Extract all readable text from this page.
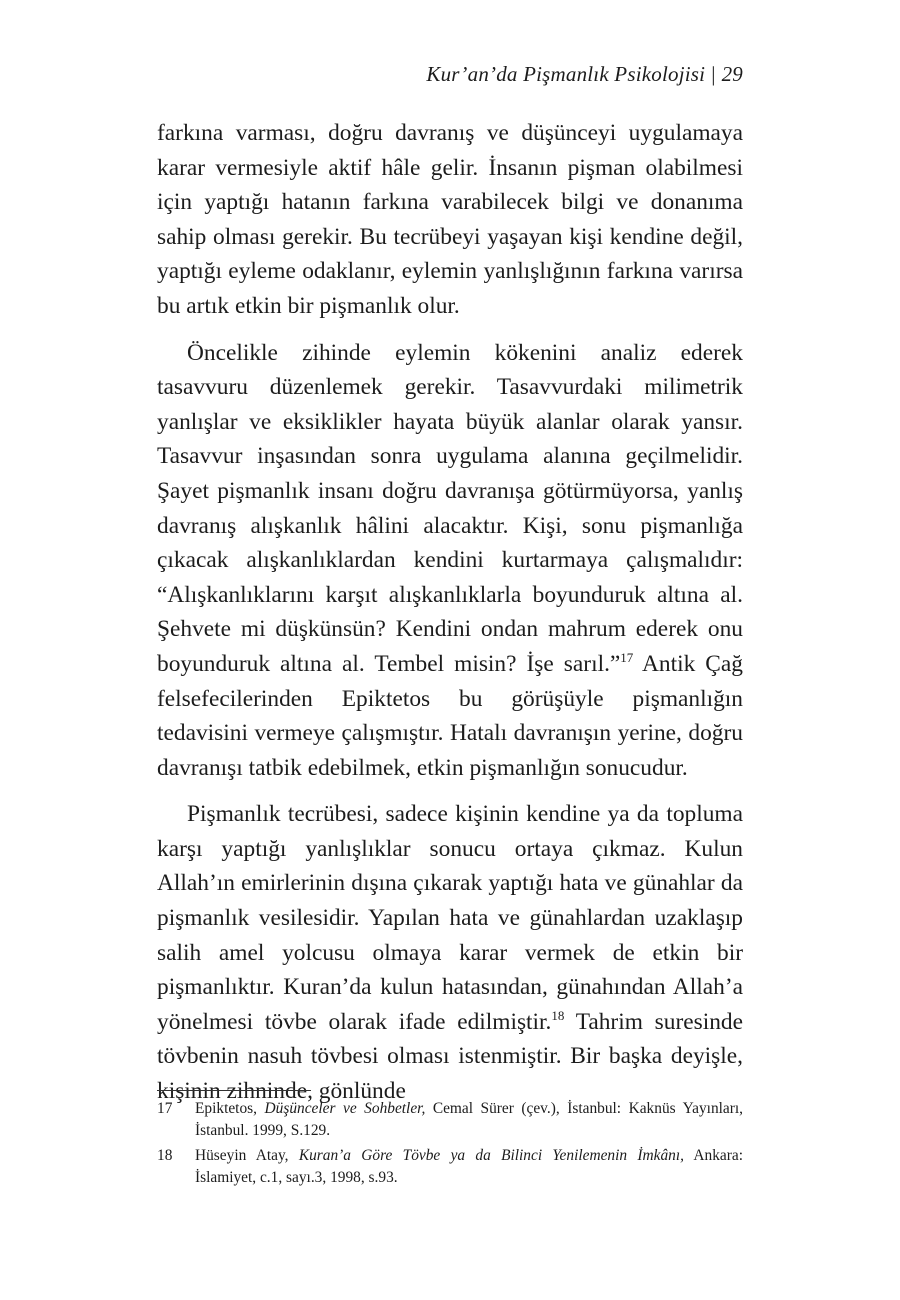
Kur’an’da Pişmanlık Psikolojisi | 29

farkına varması, doğru davranış ve düşünceyi uygulamaya karar vermesiyle aktif hâle gelir. İnsanın pişman olabilmesi için yaptığı hatanın farkına varabilecek bilgi ve donanıma sahip olması gerekir. Bu tecrübeyi yaşayan kişi kendine değil, yaptığı eyleme odaklanır, eylemin yanlışlığının farkına varırsa bu artık etkin bir pişmanlık olur.

Öncelikle zihinde eylemin kökenini analiz ederek tasavvuru düzenlemek gerekir. Tasavvurdaki milimetrik yanlışlar ve eksiklikler hayata büyük alanlar olarak yansır. Tasavvur inşasından sonra uygulama alanına geçilmelidir. Şayet pişmanlık insanı doğru davranışa götürmüyorsa, yanlış davranış alışkanlık hâlini alacaktır. Kişi, sonu pişmanlığa çıkacak alışkanlıklardan kendini kurtarmaya çalışmalıdır: “Alışkanlıklarını karşıt alışkanlıklarla boyunduruk altına al. Şehvete mi düşkünsün? Kendini ondan mahrum ederek onu boyunduruk altına al. Tembel misin? İşe sarıl.”$^{17}$ Antik Çağ felsefecilerinden Epiktetos bu görüşüyle pişmanlığın tedavisini vermeye çalışmıştır. Hatalı davranışın yerine, doğru davranışı tatbik edebilmek, etkin pişmanlığın sonucudur.

Pişmanlık tecrübesi, sadece kişinin kendine ya da topluma karşı yaptığı yanlışlıklar sonucu ortaya çıkmaz. Kulun Allah’ın emirlerinin dışına çıkarak yaptığı hata ve günahlar da pişmanlık vesilesidir. Yapılan hata ve günahlardan uzaklaşıp salih amel yolcusu olmaya karar vermek de etkin bir pişmanlıktır. Kuran’da kulun hatasından, günahından Allah’a yönelmesi tövbe olarak ifade edilmiştir.$^{18}$ Tahrim suresinde tövbenin nasuh tövbesi olması istenmiştir. Bir başka deyişle, kişinin zihninde, gönlünde

17	Epiktetos, Düşünceler ve Sohbetler, Cemal Sürer (çev.), İstanbul: Kaknüs Yayınları, İstanbul. 1999, S.129.
18	Hüseyin Atay, Kuran’a Göre Tövbe ya da Bilinci Yenilemenin İmkânı, Ankara: İslamiyet, c.1, sayı.3, 1998, s.93.
